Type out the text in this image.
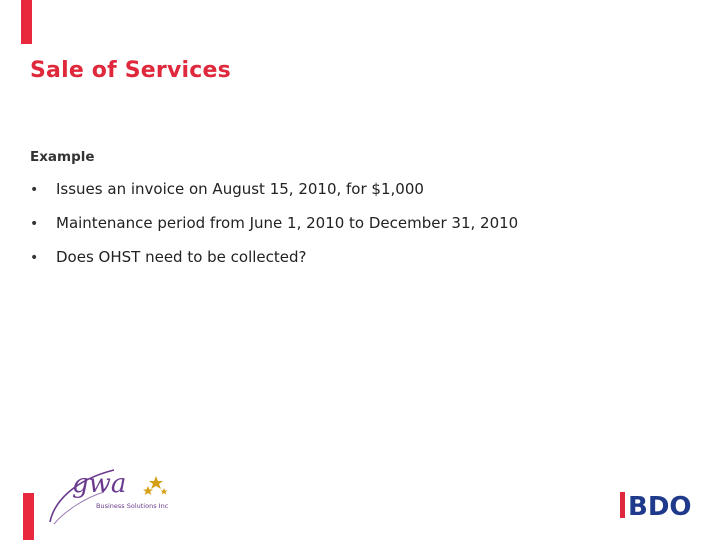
Sale of Services
Example
• Issues an invoice on August 15, 2010, for $1,000
• Maintenance period from June 1, 2010 to December 31, 2010
• Does OHST need to be collected?
gwa
Business Solutions Inc	BDO
